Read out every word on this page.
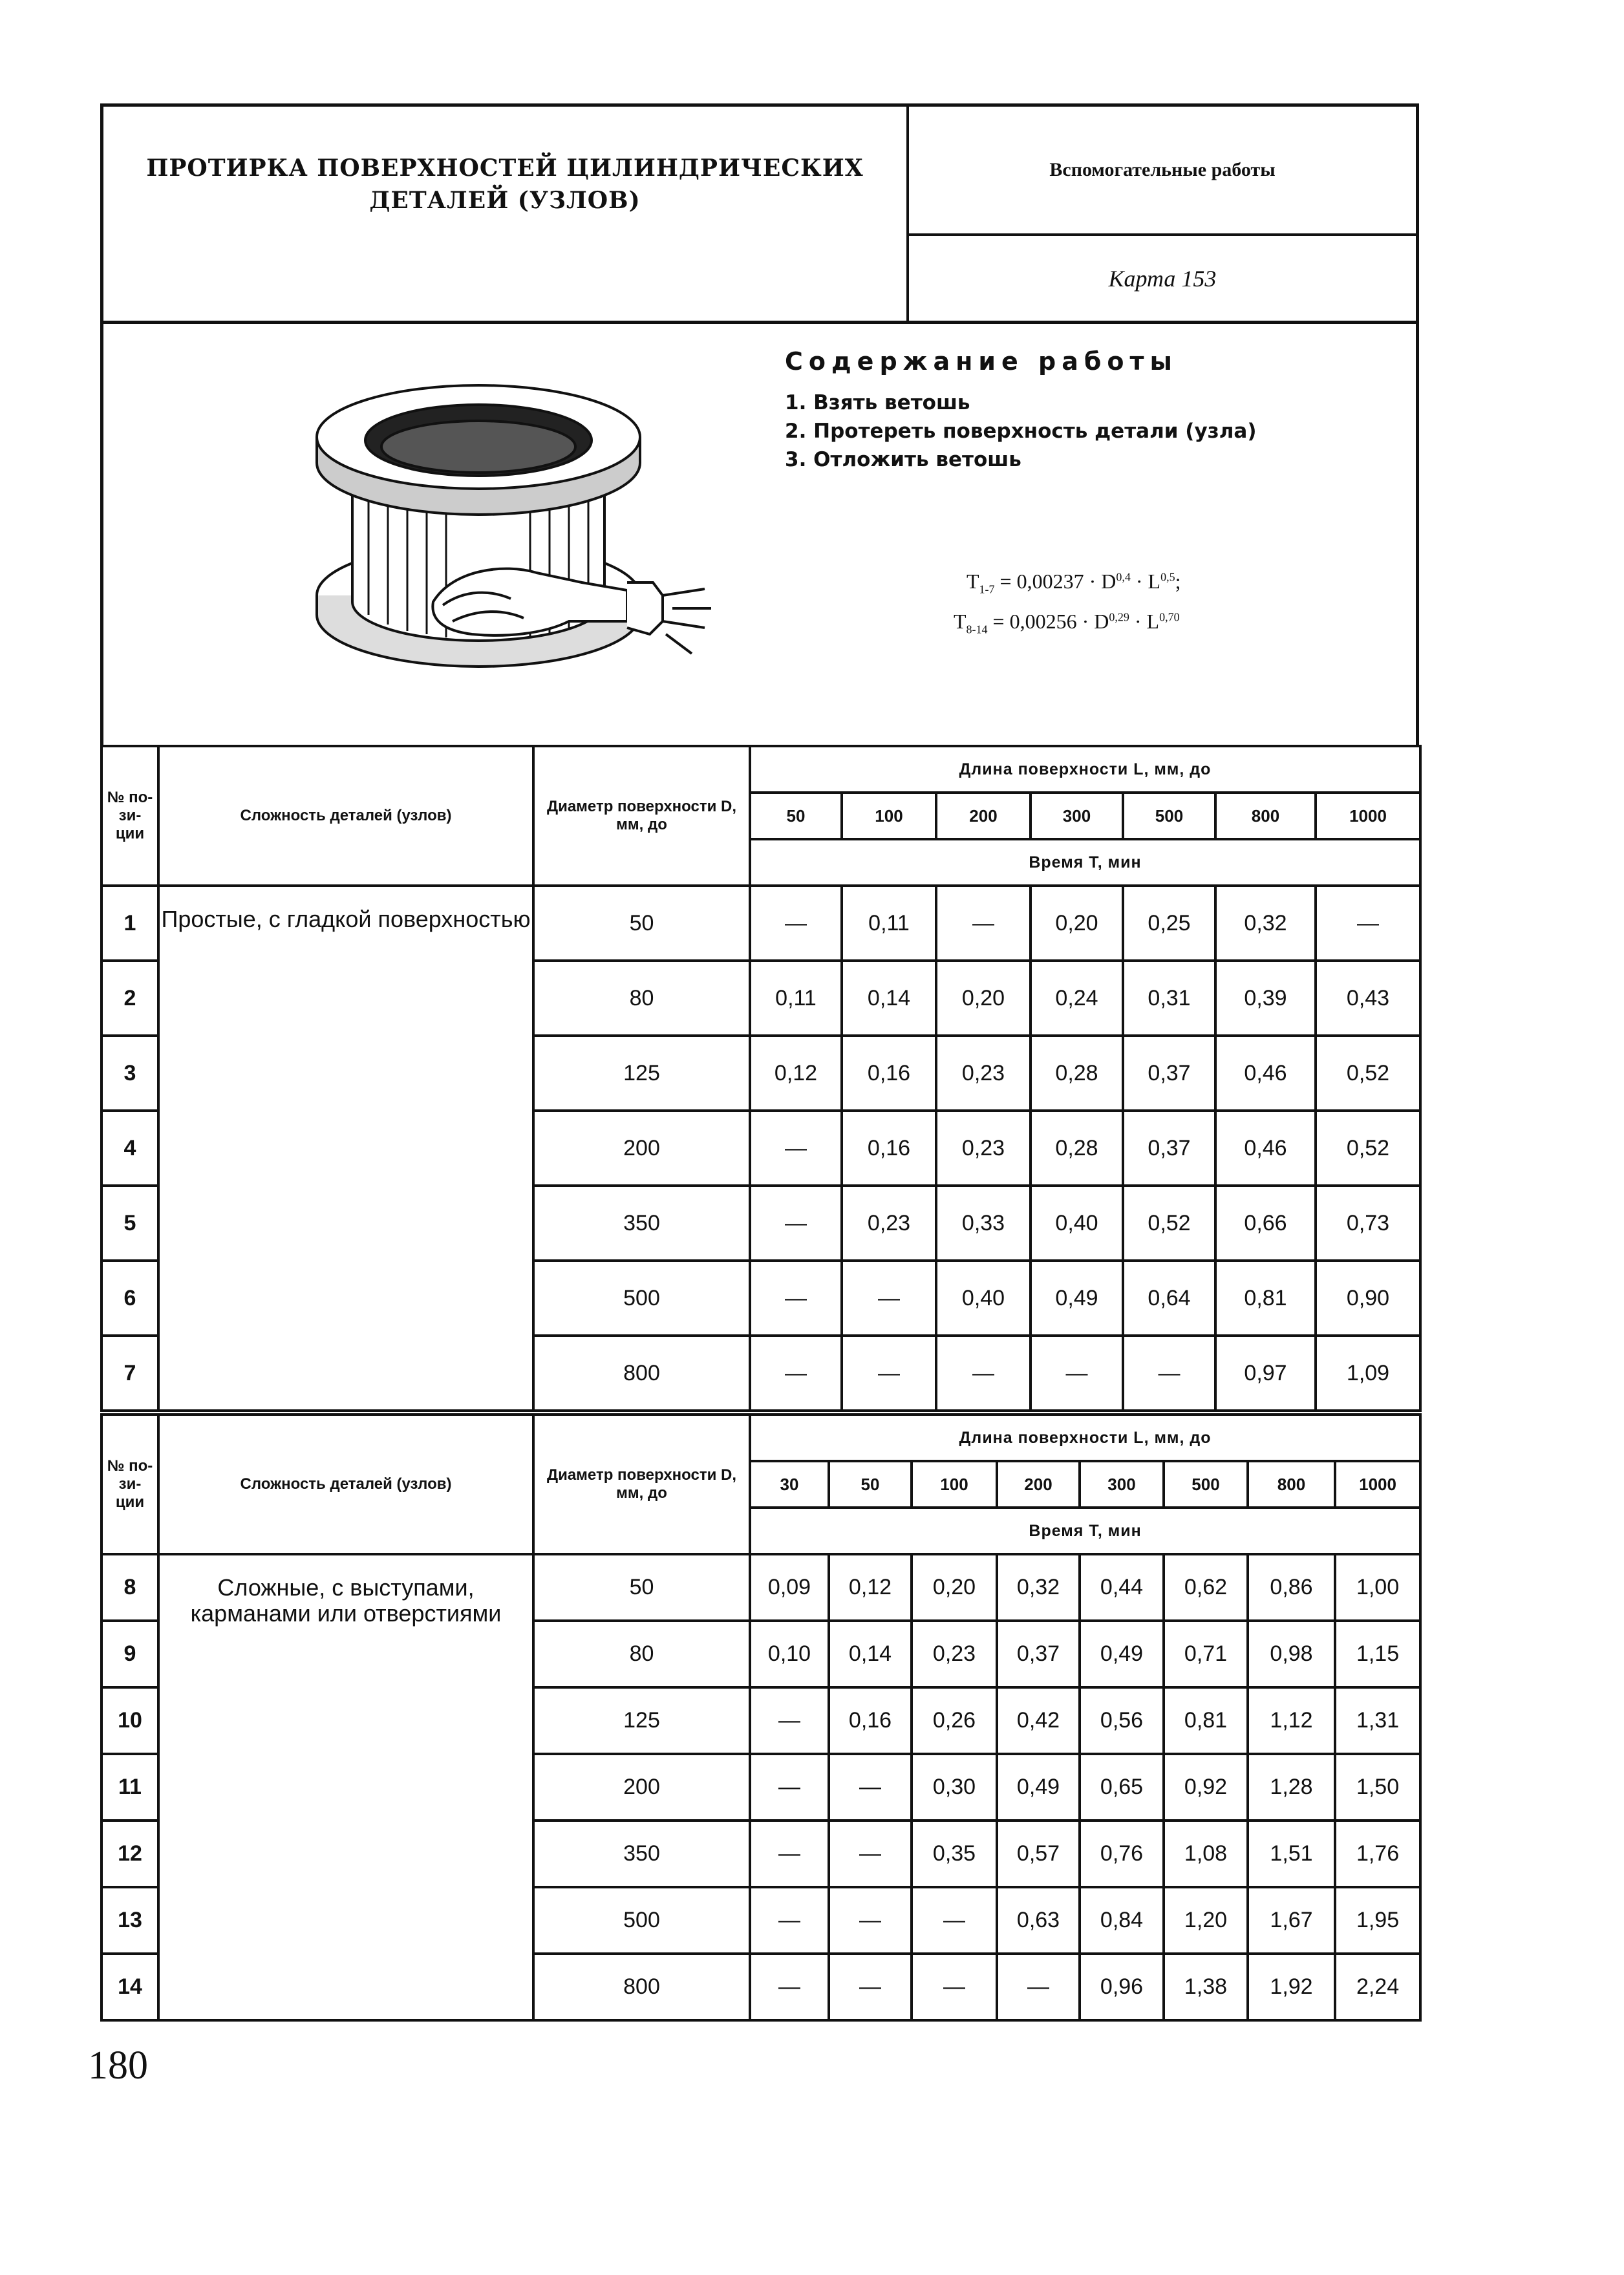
ПРОТИРКА ПОВЕРХНОСТЕЙ ЦИЛИНДРИЧЕСКИХ
ДЕТАЛЕЙ (УЗЛОВ)
Вспомогательные работы
Карта 153
Содержание работы
1. Взять ветошь
2. Протереть поверхность детали (узла)
3. Отложить ветошь
$T_{1-7} = 0,00237 \cdot D^{0,4} \cdot L^{0,5}$;
$T_{8-14} = 0,00256 \cdot D^{0,29} \cdot L^{0,70}$
№ по- зи- ции	Сложность деталей (узлов)	Диаметр поверхности D, мм, до	Длина поверхности L, мм, до						
			50	100	200	300	500	800	1000
			Время T, мин						
1	Простые, с гладкой поверхностью	50	—	0,11	—	0,20	0,25	0,32	—
2		80	0,11	0,14	0,20	0,24	0,31	0,39	0,43
3		125	0,12	0,16	0,23	0,28	0,37	0,46	0,52
4		200	—	0,16	0,23	0,28	0,37	0,46	0,52
5		350	—	0,23	0,33	0,40	0,52	0,66	0,73
6		500	—	—	0,40	0,49	0,64	0,81	0,90
7		800	—	—	—	—	—	0,97	1,09
№ по- зи- ции	Сложность деталей (узлов)	Диаметр поверхности D, мм, до	Длина поверхности L, мм, до							
			30	50	100	200	300	500	800	1000
			Время T, мин							
8	Сложные, с выступами, карманами или отверстиями	50	0,09	0,12	0,20	0,32	0,44	0,62	0,86	1,00
9		80	0,10	0,14	0,23	0,37	0,49	0,71	0,98	1,15
10		125	—	0,16	0,26	0,42	0,56	0,81	1,12	1,31
11		200	—	—	0,30	0,49	0,65	0,92	1,28	1,50
12		350	—	—	0,35	0,57	0,76	1,08	1,51	1,76
13		500	—	—	—	0,63	0,84	1,20	1,67	1,95
14		800	—	—	—	—	0,96	1,38	1,92	2,24
180
